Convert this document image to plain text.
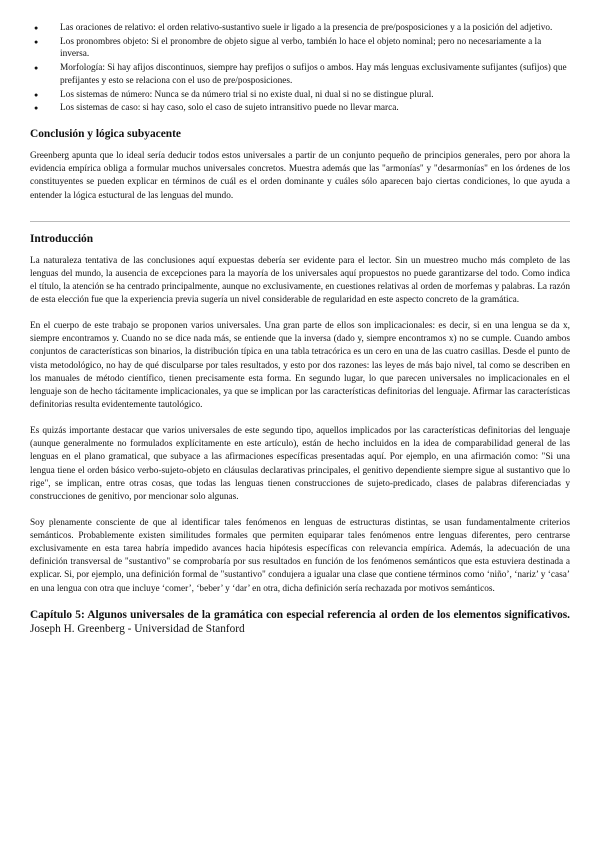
● Las oraciones de relativo: el orden relativo-sustantivo suele ir ligado a la presencia de pre/posposiciones y a la posición del adjetivo.
● Los pronombres objeto: Si el pronombre de objeto sigue al verbo, también lo hace el objeto nominal; pero no necesariamente a la inversa.
● Morfología: Si hay afijos discontinuos, siempre hay prefijos o sufijos o ambos. Hay más lenguas exclusivamente sufijantes (sufijos) que prefijantes y esto se relaciona con el uso de pre/posposiciones.
● Los sistemas de número: Nunca se da número trial si no existe dual, ni dual si no se distingue plural.
● Los sistemas de caso: si hay caso, solo el caso de sujeto intransitivo puede no llevar marca.
Conclusión y lógica subyacente

Greenberg apunta que lo ideal sería deducir todos estos universales a partir de un conjunto pequeño de principios generales, pero por ahora la evidencia empírica obliga a formular muchos universales concretos. Muestra además que las "armonías" y "desarmonías" en los órdenes de los constituyentes se pueden explicar en términos de cuál es el orden dominante y cuáles sólo aparecen bajo ciertas condiciones, lo que ayuda a entender la lógica estuctural de las lenguas del mundo.

Introducción

La naturaleza tentativa de las conclusiones aquí expuestas debería ser evidente para el lector. Sin un muestreo mucho más completo de las lenguas del mundo, la ausencia de excepciones para la mayoría de los universales aquí propuestos no puede garantizarse del todo. Como indica el título, la atención se ha centrado principalmente, aunque no exclusivamente, en cuestiones relativas al orden de morfemas y palabras. La razón de esta elección fue que la experiencia previa sugería un nivel considerable de regularidad en este aspecto concreto de la gramática.

En el cuerpo de este trabajo se proponen varios universales. Una gran parte de ellos son implicacionales: es decir, si en una lengua se da x, siempre encontramos y. Cuando no se dice nada más, se entiende que la inversa (dado y, siempre encontramos x) no se cumple. Cuando ambos conjuntos de características son binarios, la distribución típica en una tabla tetracórica es un cero en una de las cuatro casillas. Desde el punto de vista metodológico, no hay de qué disculparse por tales resultados, y esto por dos razones: las leyes de más bajo nivel, tal como se describen en los manuales de método científico, tienen precisamente esta forma. En segundo lugar, lo que parecen universales no implicacionales en el lenguaje son de hecho tácitamente implicacionales, ya que se implican por las características definitorias del lenguaje. Afirmar las características definitorias resulta evidentemente tautológico.

Es quizás importante destacar que varios universales de este segundo tipo, aquellos implicados por las características definitorias del lenguaje (aunque generalmente no formulados explícitamente en este artículo), están de hecho incluidos en la idea de comparabilidad general de las lenguas en el plano gramatical, que subyace a las afirmaciones específicas presentadas aquí. Por ejemplo, en una afirmación como: "Si una lengua tiene el orden básico verbo-sujeto-objeto en cláusulas declarativas principales, el genitivo dependiente siempre sigue al sustantivo que lo rige", se implican, entre otras cosas, que todas las lenguas tienen construcciones de sujeto-predicado, clases de palabras diferenciadas y construcciones de genitivo, por mencionar solo algunas.

Soy plenamente consciente de que al identificar tales fenómenos en lenguas de estructuras distintas, se usan fundamentalmente criterios semánticos. Probablemente existen similitudes formales que permiten equiparar tales fenómenos entre lenguas diferentes, pero centrarse exclusivamente en esta tarea habría impedido avances hacia hipótesis específicas con relevancia empírica. Además, la adecuación de una definición transversal de "sustantivo" se comprobaría por sus resultados en función de los fenómenos semánticos que esta estuviera destinada a explicar. Si, por ejemplo, una definición formal de "sustantivo" condujera a igualar una clase que contiene términos como ‘niño’, ‘nariz’ y ‘casa’ en una lengua con otra que incluye ‘comer’, ‘beber’ y ‘dar’ en otra, dicha definición sería rechazada por motivos semánticos.

Capítulo 5: Algunos universales de la gramática con especial referencia al orden de los elementos significativos. Joseph H. Greenberg - Universidad de Stanford
